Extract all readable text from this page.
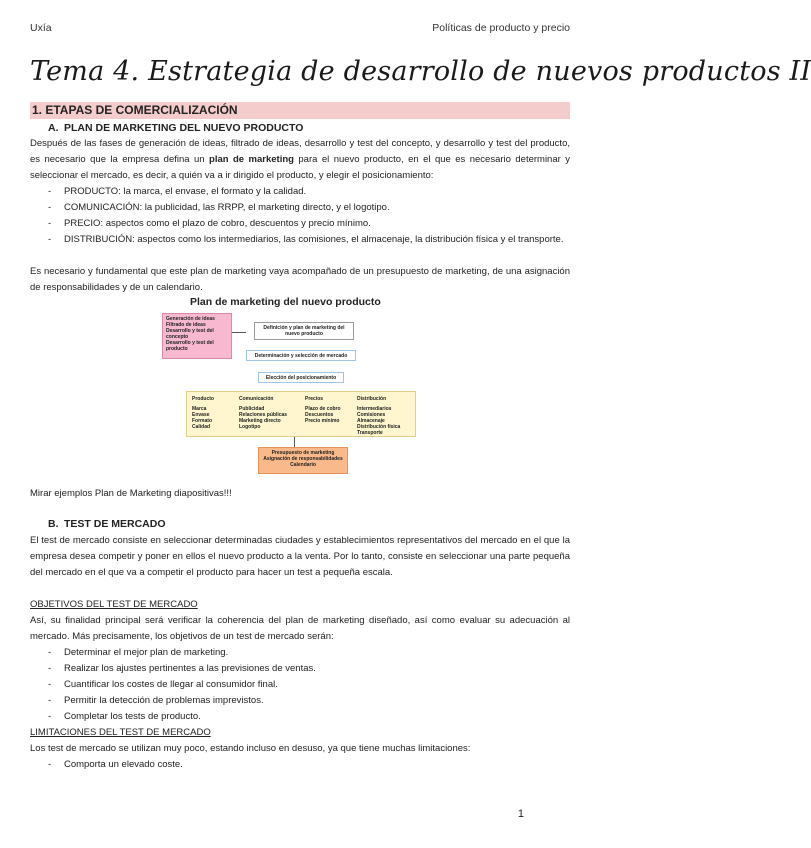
Uxía	Políticas de producto y precio
Tema 4. Estrategia de desarrollo de nuevos productos II
1. ETAPAS DE COMERCIALIZACIÓN
A. PLAN DE MARKETING DEL NUEVO PRODUCTO
Después de las fases de generación de ideas, filtrado de ideas, desarrollo y test del concepto, y desarrollo y test del producto, es necesario que la empresa defina un plan de marketing para el nuevo producto, en el que es necesario determinar y seleccionar el mercado, es decir, a quién va a ir dirigido el producto, y elegir el posicionamiento:
- PRODUCTO: la marca, el envase, el formato y la calidad.
- COMUNICACIÓN: la publicidad, las RRPP, el marketing directo, y el logotipo.
- PRECIO: aspectos como el plazo de cobro, descuentos y precio mínimo.
- DISTRIBUCIÓN: aspectos como los intermediarios, las comisiones, el almacenaje, la distribución física y el transporte.
Es necesario y fundamental que este plan de marketing vaya acompañado de un presupuesto de marketing, de una asignación de responsabilidades y de un calendario.
Plan de marketing del nuevo producto
Generación de ideas
Filtrado de ideas
Desarrollo y test del concepto
Desarrollo y test del producto
Definición y plan de marketing del nuevo producto
Determinación y selección de mercado
Elección del posicionamiento
Producto
Marca
Envase
Formato
Calidad
Comunicación
Publicidad
Relaciones públicas
Marketing directo
Logotipo
Precios
Plazo de cobro
Descuentos
Precio mínimo
Distribución
Intermediarios
Comisiones
Almacenaje
Distribución física
Transporte
Presupuesto de marketing
Asignación de responsabilidades
Calendario
Mirar ejemplos Plan de Marketing diapositivas!!!
B. TEST DE MERCADO
El test de mercado consiste en seleccionar determinadas ciudades y establecimientos representativos del mercado en el que la empresa desea competir y poner en ellos el nuevo producto a la venta. Por lo tanto, consiste en seleccionar una parte pequeña del mercado en el que va a competir el producto para hacer un test a pequeña escala.
OBJETIVOS DEL TEST DE MERCADO
Así, su finalidad principal será verificar la coherencia del plan de marketing diseñado, así como evaluar su adecuación al mercado. Más precisamente, los objetivos de un test de mercado serán:
- Determinar el mejor plan de marketing.
- Realizar los ajustes pertinentes a las previsiones de ventas.
- Cuantificar los costes de llegar al consumidor final.
- Permitir la detección de problemas imprevistos.
- Completar los tests de producto.
LIMITACIONES DEL TEST DE MERCADO
Los test de mercado se utilizan muy poco, estando incluso en desuso, ya que tiene muchas limitaciones:
- Comporta un elevado coste.
1
